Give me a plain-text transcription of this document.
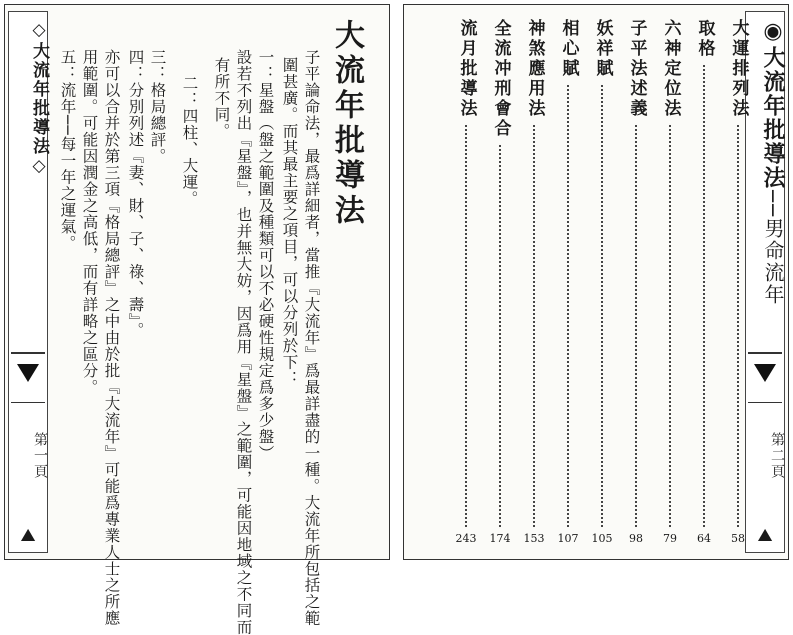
◇大流年批導法◇
第一頁
⛰
大流年批導法
子平論命法，最爲詳細者，當推『大流年』爲最詳盡的一種。大流年所包括之範
圍甚廣。而其最主要之項目，可以分列於下：
一：星盤（盤之範圍及種類可以不必硬性規定爲多少盤）
設若不列出『星盤』，也并無大妨，因爲用『星盤』之範圍，可能因地域之不同而
有所不同。
二：四柱、大運。
三：格局總評。
四：分別列述『妻、財、子、祿、壽』。
亦可以合并於第三項『格局總評』之中由於批『大流年』可能爲專業人士之所應
用範圍。可能因潤金之高低，而有詳略之區分。
五：流年──每一年之運氣。	◉大流年批導法──男命流年
第二頁
⛰
大運排列法
58
取格
64
六神定位法
79
子平法述義
98
妖祥賦
105
相心賦
107
神煞應用法
153
全流冲刑會合
174
流月批導法
243
